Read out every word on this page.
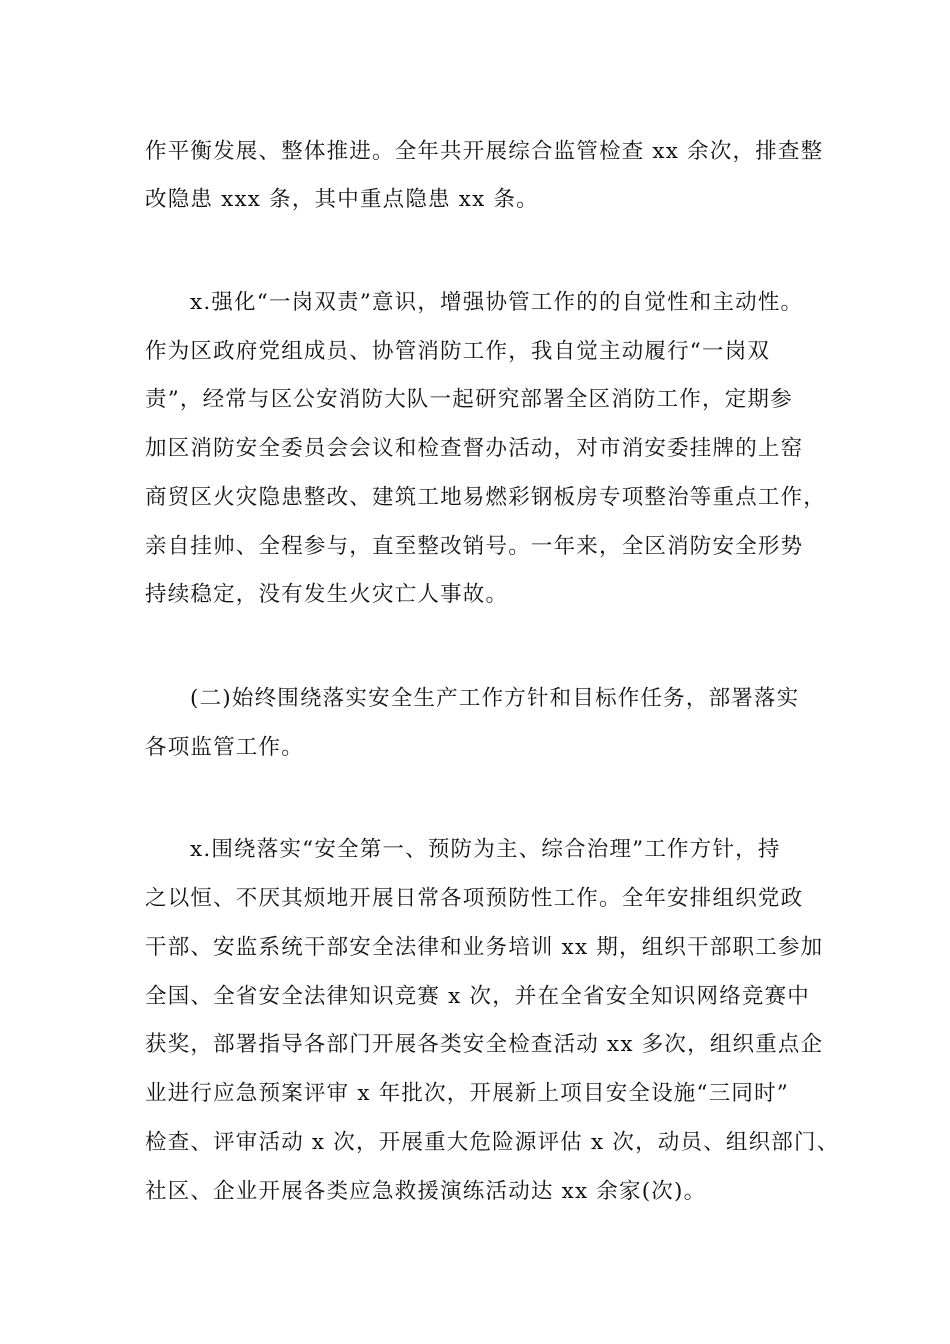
作平衡发展、整体推进。全年共开展综合监管检查 xx 余次，排查整
改隐患 xxx 条，其中重点隐患 xx 条。
x.强化“一岗双责”意识，增强协管工作的的自觉性和主动性。
作为区政府党组成员、协管消防工作，我自觉主动履行“一岗双
责”，经常与区公安消防大队一起研究部署全区消防工作，定期参
加区消防安全委员会会议和检查督办活动，对市消安委挂牌的上窑
商贸区火灾隐患整改、建筑工地易燃彩钢板房专项整治等重点工作，
亲自挂帅、全程参与，直至整改销号。一年来，全区消防安全形势
持续稳定，没有发生火灾亡人事故。
(二)始终围绕落实安全生产工作方针和目标作任务，部署落实
各项监管工作。
x.围绕落实“安全第一、预防为主、综合治理”工作方针，持
之以恒、不厌其烦地开展日常各项预防性工作。全年安排组织党政
干部、安监系统干部安全法律和业务培训 xx 期，组织干部职工参加
全国、全省安全法律知识竞赛 x 次，并在全省安全知识网络竞赛中
获奖，部署指导各部门开展各类安全检查活动 xx 多次，组织重点企
业进行应急预案评审 x 年批次，开展新上项目安全设施“三同时”
检查、评审活动 x 次，开展重大危险源评估 x 次，动员、组织部门、
社区、企业开展各类应急救援演练活动达 xx 余家(次)。
